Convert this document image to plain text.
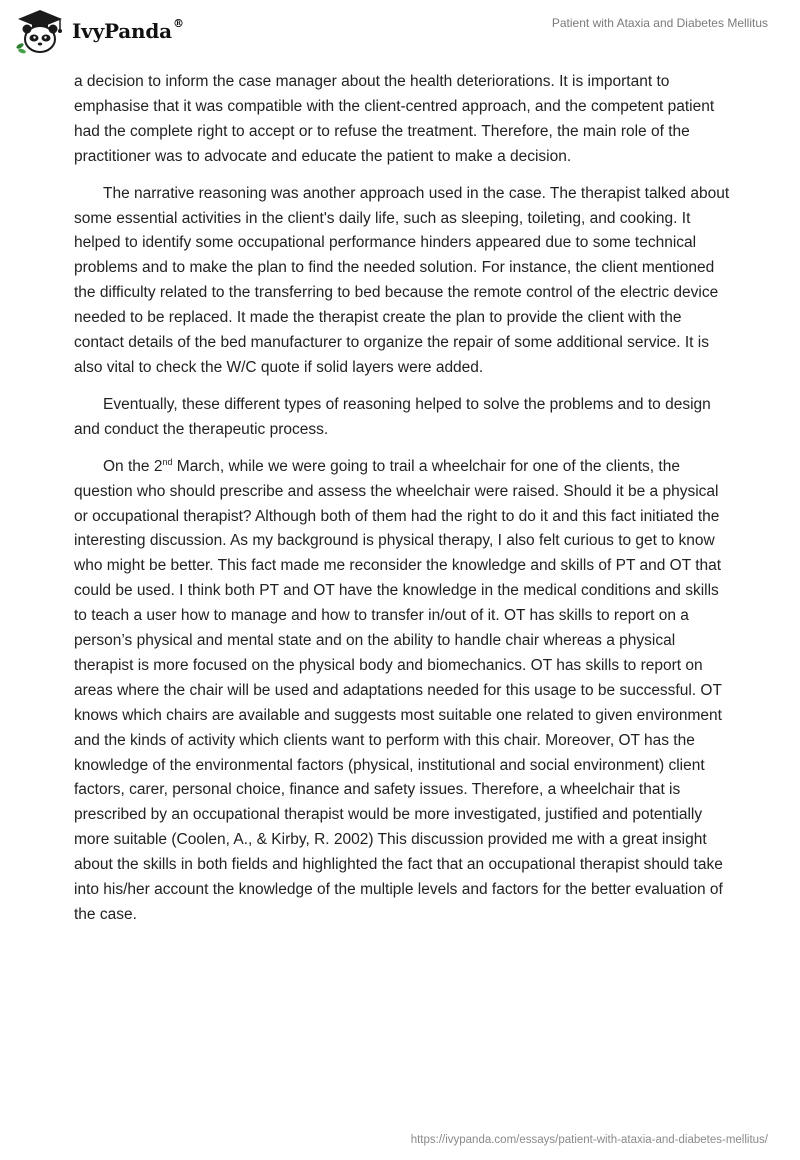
IvyPanda®	Patient with Ataxia and Diabetes Mellitus

a decision to inform the case manager about the health deteriorations. It is important to emphasise that it was compatible with the client-centred approach, and the competent patient had the complete right to accept or to refuse the treatment. Therefore, the main role of the practitioner was to advocate and educate the patient to make a decision.

The narrative reasoning was another approach used in the case. The therapist talked about some essential activities in the client's daily life, such as sleeping, toileting, and cooking. It helped to identify some occupational performance hinders appeared due to some technical problems and to make the plan to find the needed solution. For instance, the client mentioned the difficulty related to the transferring to bed because the remote control of the electric device needed to be replaced. It made the therapist create the plan to provide the client with the contact details of the bed manufacturer to organize the repair of some additional service. It is also vital to check the W/C quote if solid layers were added.

Eventually, these different types of reasoning helped to solve the problems and to design and conduct the therapeutic process.

On the 2nd March, while we were going to trail a wheelchair for one of the clients, the question who should prescribe and assess the wheelchair were raised. Should it be a physical or occupational therapist? Although both of them had the right to do it and this fact initiated the interesting discussion. As my background is physical therapy, I also felt curious to get to know who might be better. This fact made me reconsider the knowledge and skills of PT and OT that could be used. I think both PT and OT have the knowledge in the medical conditions and skills to teach a user how to manage and how to transfer in/out of it. OT has skills to report on a person’s physical and mental state and on the ability to handle chair whereas a physical therapist is more focused on the physical body and biomechanics. OT has skills to report on areas where the chair will be used and adaptations needed for this usage to be successful. OT knows which chairs are available and suggests most suitable one related to given environment and the kinds of activity which clients want to perform with this chair. Moreover, OT has the knowledge of the environmental factors (physical, institutional and social environment) client factors, carer, personal choice, finance and safety issues. Therefore, a wheelchair that is prescribed by an occupational therapist would be more investigated, justified and potentially more suitable (Coolen, A., & Kirby, R. 2002) This discussion provided me with a great insight about the skills in both fields and highlighted the fact that an occupational therapist should take into his/her account the knowledge of the multiple levels and factors for the better evaluation of the case.

https://ivypanda.com/essays/patient-with-ataxia-and-diabetes-mellitus/
